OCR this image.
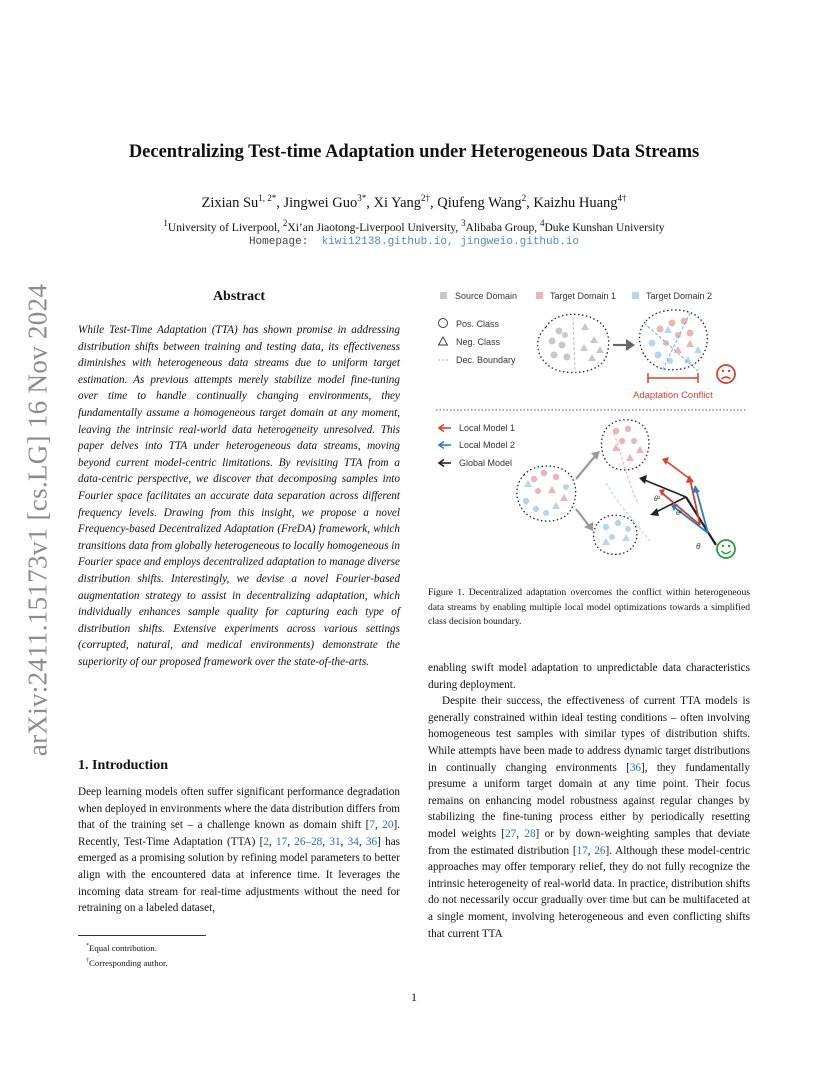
arXiv:2411.15173v1 [cs.LG] 16 Nov 2024
Decentralizing Test-time Adaptation under Heterogeneous Data Streams
Zixian $Su^{1, 2*}$, Jingwei Guo$^{3*}$, Xi Yang$^{2\dagger}$, Qiufeng Wang$^2$, Kaizhu Huang$^{4\dagger}$
$^1$University of Liverpool, $^2$Xi’an Jiaotong-Liverpool University, $^3$Alibaba Group, $^4$Duke Kunshan University
Homepage: kiwi12138.github.io, jingweio.github.io
Abstract
While Test-Time Adaptation (TTA) has shown promise in addressing distribution shifts between training and testing data, its effectiveness diminishes with heterogeneous data streams due to uniform target estimation. As previous attempts merely stabilize model fine-tuning over time to handle continually changing environments, they fundamentally assume a homogeneous target domain at any moment, leaving the intrinsic real-world data heterogeneity unresolved. This paper delves into TTA under heterogeneous data streams, moving beyond current model-centric limitations. By revisiting TTA from a data-centric perspective, we discover that decomposing samples into Fourier space facilitates an accurate data separation across different frequency levels. Drawing from this insight, we propose a novel Frequency-based Decentralized Adaptation (FreDA) framework, which transitions data from globally heterogeneous to locally homogeneous in Fourier space and employs decentralized adaptation to manage diverse distribution shifts. Interestingly, we devise a novel Fourier-based augmentation strategy to assist in decentralizing adaptation, which individually enhances sample quality for capturing each type of distribution shifts. Extensive experiments across various settings (corrupted, natural, and medical environments) demonstrate the superiority of our proposed framework over the state-of-the-arts.
1. Introduction
Deep learning models often suffer significant performance degradation when deployed in environments where the data distribution differs from that of the training set – a challenge known as domain shift [7, 20]. Recently, Test-Time Adaptation (TTA) [2, 17, 26–28, 31, 34, 36] has emerged as a promising solution by refining model parameters to better align with the encountered data at inference time. It leverages the incoming data stream for real-time adjustments without the need for retraining on a labeled dataset,
*Equal contribution.
†Corresponding author.
Source Domain	Target Domain 1	Target Domain 2
Pos. Class
Neg. Class
Dec. Boundary
Adaptation Conflict
Local Model 1
Local Model 2
Global Model
θ¹
θ²
θ
Figure 1. Decentralized adaptation overcomes the conflict within heterogeneous data streams by enabling multiple local model optimizations towards a simplified class decision boundary.

enabling swift model adaptation to unpredictable data characteristics during deployment.

Despite their success, the effectiveness of current TTA models is generally constrained within ideal testing conditions – often involving homogeneous test samples with similar types of distribution shifts. While attempts have been made to address dynamic target distributions in continually changing environments [36], they fundamentally presume a uniform target domain at any time point. Their focus remains on enhancing model robustness against regular changes by stabilizing the fine-tuning process either by periodically resetting model weights [27, 28] or by down-weighting samples that deviate from the estimated distribution [17, 26]. Although these model-centric approaches may offer temporary relief, they do not fully recognize the intrinsic heterogeneity of real-world data. In practice, distribution shifts do not necessarily occur gradually over time but can be multifaceted at a single moment, involving heterogeneous and even conflicting shifts that current TTA

1
